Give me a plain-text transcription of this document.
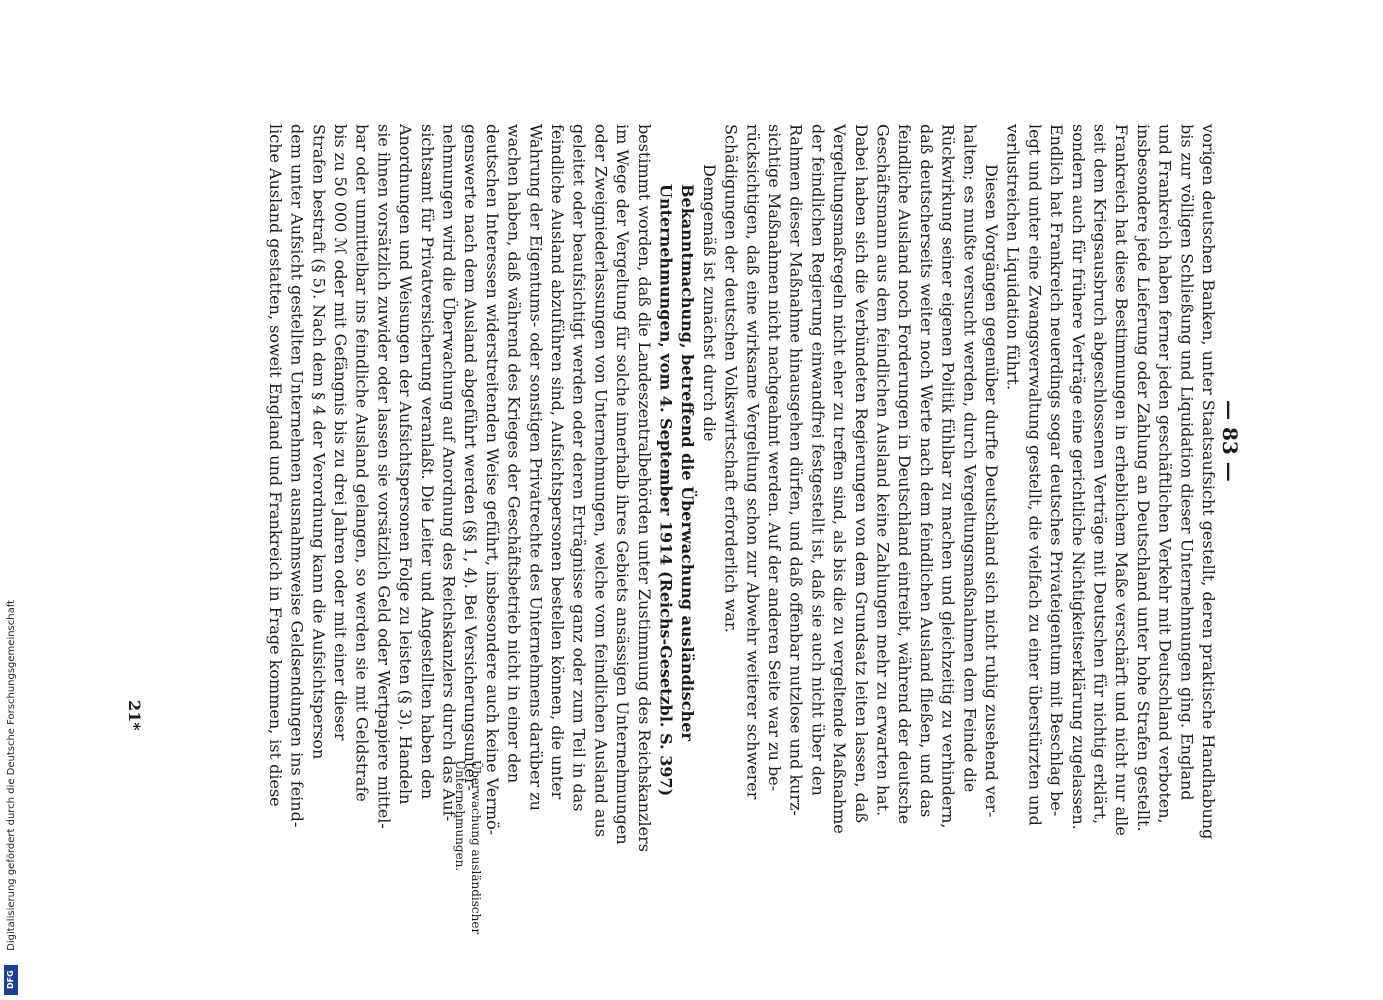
— 83 —
vorigen deutschen Banken, unter Staatsaufsicht gestellt, deren praktische Handhabung
bis zur völligen Schließung und Liquidation dieser Unternehmungen ging. England
und Frankreich haben ferner jeden geschäftlichen Verkehr mit Deutschland verboten,
insbesondere jede Lieferung oder Zahlung an Deutschland unter hohe Strafen gestellt.
Frankreich hat diese Bestimmungen in erheblichem Maße verschärft und nicht nur alle
seit dem Kriegsausbruch abgeschlossenen Verträge mit Deutschen für nichtig erklärt,
sondern auch für frühere Verträge eine gerichtliche Nichtigkeitserklärung zugelassen.
Endlich hat Frankreich neuerdings sogar deutsches Privateigentum mit Beschlag be-
legt und unter eine Zwangsverwaltung gestellt, die vielfach zu einer überstürzten und
verlustreichen Liquidation führt.
Diesen Vorgängen gegenüber durfte Deutschland sich nicht ruhig zusehend ver-
halten; es mußte versucht werden, durch Vergeltungsmaßnahmen dem Feinde die
Rückwirkung seiner eigenen Politik fühlbar zu machen und gleichzeitig zu verhindern,
daß deutscherseits weiter noch Werte nach dem feindlichen Ausland fließen, und das
feindliche Ausland noch Forderungen in Deutschland eintreibt, während der deutsche
Geschäftsmann aus dem feindlichen Ausland keine Zahlungen mehr zu erwarten hat.
Dabei haben sich die Verbündeten Regierungen von dem Grundsatz leiten lassen, daß
Vergeltungsmaßregeln nicht eher zu treffen sind, als bis die zu vergeltende Maßnahme
der feindlichen Regierung einwandfrei festgestellt ist, daß sie auch nicht über den
Rahmen dieser Maßnahme hinausgehen dürfen, und daß offenbar nutzlose und kurz-
sichtige Maßnahmen nicht nachgeahmt werden. Auf der anderen Seite war zu be-
rücksichtigen, daß eine wirksame Vergeltung schon zur Abwehr weiterer schwerer
Schädigungen der deutschen Volkswirtschaft erforderlich war.
Demgemäß ist zunächst durch die
Bekanntmachung, betreffend die Überwachung ausländischer
Unternehmungen, vom 4. September 1914 (Reichs-Gesetzbl. S. 397)
bestimmt worden, daß die Landeszentralbehörden unter Zustimmung des Reichskanzlers
im Wege der Vergeltung für solche innerhalb ihres Gebiets ansässigen Unternehmungen
oder Zweigniederlassungen von Unternehmungen, welche vom feindlichen Ausland aus
geleitet oder beaufsichtigt werden oder deren Erträgnisse ganz oder zum Teil in das
feindliche Ausland abzuführen sind, Aufsichtspersonen bestellen können, die unter
Wahrung der Eigentums- oder sonstigen Privatrechte des Unternehmens darüber zu
wachen haben, daß während des Krieges der Geschäftsbetrieb nicht in einer den
deutschen Interessen widerstreitenden Weise geführt, insbesondere auch keine Vermö-
genswerte nach dem Ausland abgeführt werden (§§ 1, 4). Bei Versicherungsunter-
nehmungen wird die Überwachung auf Anordnung des Reichskanzlers durch das Auf-
sichtsamt für Privatversicherung veranlaßt. Die Leiter und Angestellten haben den
Anordnungen und Weisungen der Aufsichtspersonen Folge zu leisten (§ 3). Handeln
sie ihnen vorsätzlich zuwider oder lassen sie vorsätzlich Geld oder Wertpapiere mittel-
bar oder unmittelbar ins feindliche Ausland gelangen, so werden sie mit Geldstrafe
bis zu 50 000 ℳ oder mit Gefängnis bis zu drei Jahren oder mit einer dieser
Strafen bestraft (§ 5). Nach dem § 4 der Verordnung kann die Aufsichtsperson
dem unter Aufsicht gestellten Unternehmen ausnahmsweise Geldsendungen ins feind-
liche Ausland gestatten, soweit England und Frankreich in Frage kommen, ist diese
Überwachung ausländischer
Unternehmungen.
21*
Digitalisierung gefördert durch die Deutsche Forschungsgemeinschaft
DFG
